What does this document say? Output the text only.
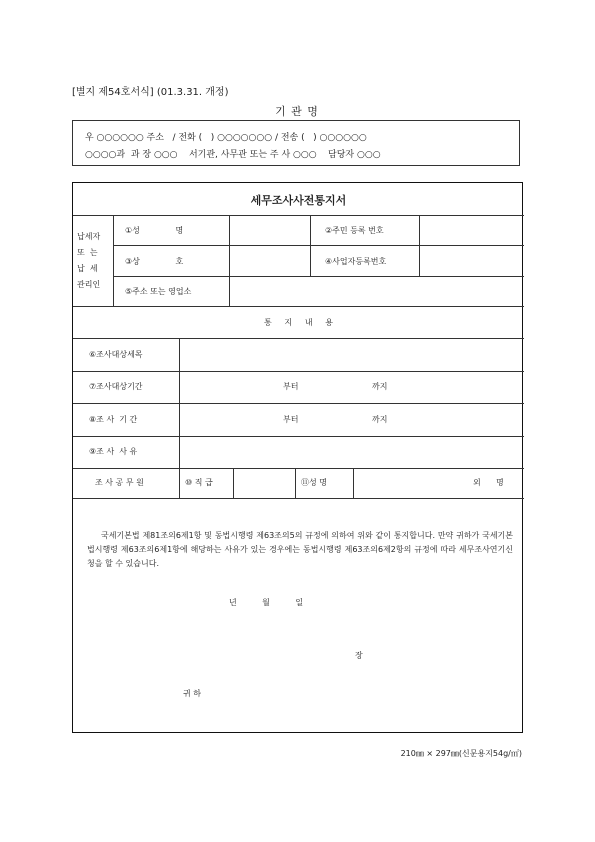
[별지 제54호서식] (01.3.31. 개정)
기 관 명
우 ○○○○○○ 주소   / 전화 (   ) ○○○○○○○ / 전송 (   ) ○○○○○○
○○○○과  과 장 ○○○    서기관, 사무관 또는 주 사 ○○○    담당자 ○○○
세무조사사전통지서
납세자
또  는
납  세
관리인
①성              명	②주민 등록 번호
③상              호	④사업자등록번호
⑤주소 또는 영업소
통     지     내     용
⑥조사대상세목
⑦조사대상기간	부터	까지
⑧조 사  기 간	부터	까지
⑨조 사  사 유
조 사 공 무 원	⑩ 직 급	⑪성 명	외      명
국세기본법 제81조의6제1항 및 동법시행령 제63조의5의 규정에 의하여 위와 같이 통지합니다. 만약 귀하가 국세기본법시행령 제63조의6제1항에 해당하는 사유가 있는 경우에는 동법시행령 제63조의6제2항의 규정에 따라 세무조사연기신청을 할 수 있습니다.
년          월          일
장
귀 하
210㎜ × 297㎜(신문용지54g/㎡)
